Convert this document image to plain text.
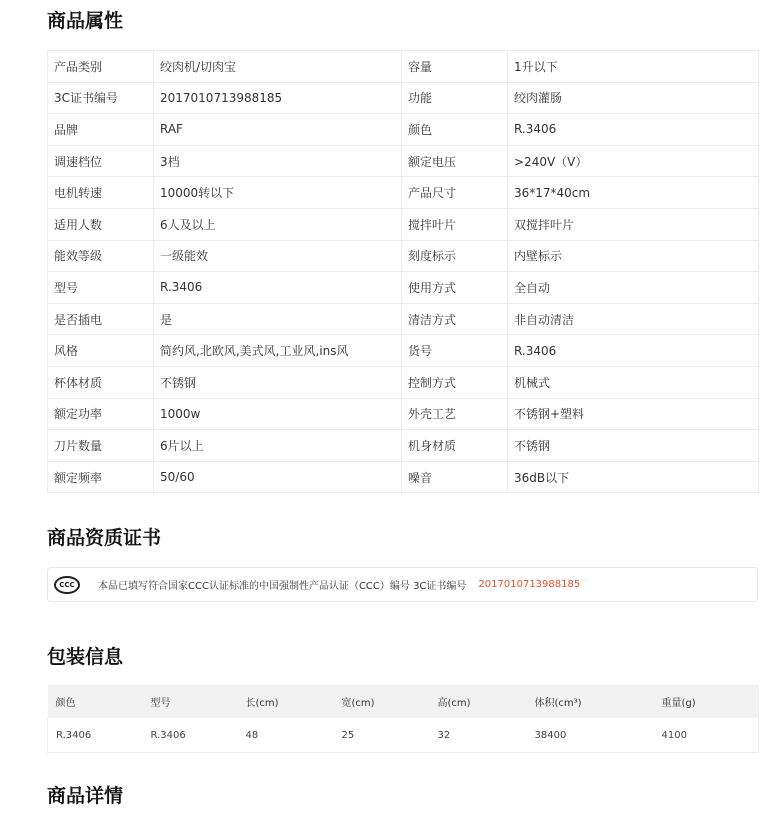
商品属性
产品类别	绞肉机/切肉宝	容量	1升以下
3C证书编号	2017010713988185	功能	绞肉灌肠
品牌	RAF	颜色	R.3406
调速档位	3档	额定电压	>240V（V）
电机转速	10000转以下	产品尺寸	36*17*40cm
适用人数	6人及以上	搅拌叶片	双搅拌叶片
能效等级	一级能效	刻度标示	内壁标示
型号	R.3406	使用方式	全自动
是否插电	是	清洁方式	非自动清洁
风格	简约风,北欧风,美式风,工业风,ins风	货号	R.3406
杯体材质	不锈钢	控制方式	机械式
额定功率	1000w	外壳工艺	不锈钢+塑料
刀片数量	6片以上	机身材质	不锈钢
额定频率	50/60	噪音	36dB以下
商品资质证书
CCC	本品已填写符合国家CCC认证标准的中国强制性产品认证（CCC）编号 3C证书编号 2017010713988185
包装信息
颜色	型号	长(cm)	宽(cm)	高(cm)	体积(cm³)	重量(g)
R.3406	R.3406	48	25	32	38400	4100
商品详情
